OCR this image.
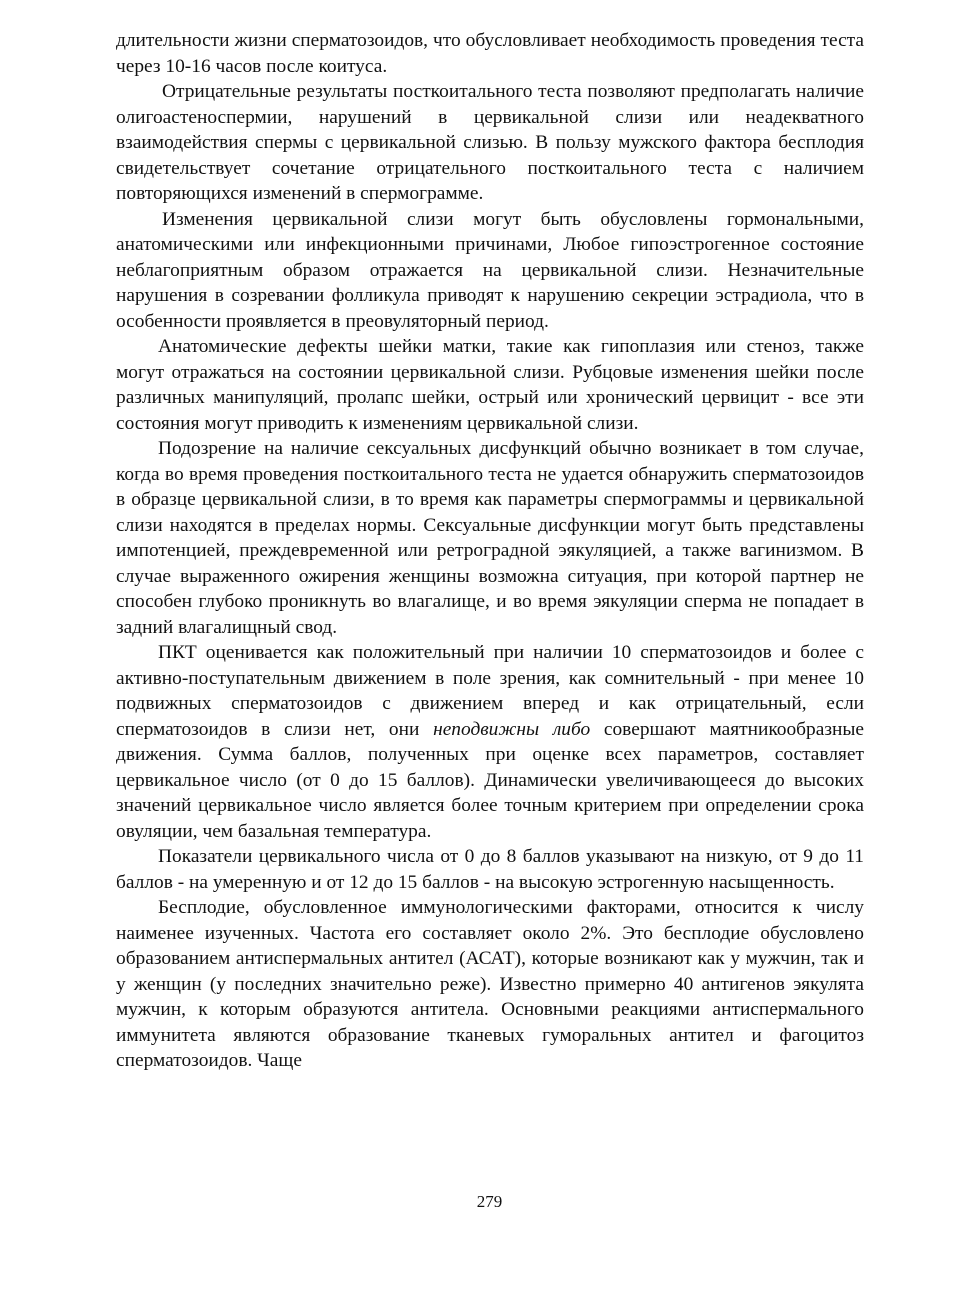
длительности жизни сперматозоидов, что обусловливает необходимость проведения теста через 10-16 часов после коитуса.

Отрицательные результаты посткоитального теста позволяют предполагать наличие олигоастеноспермии, нарушений в цервикальной слизи или неадекватного взаимодействия спермы с цервикальной слизью. В пользу мужского фактора бесплодия свидетельствует сочетание отрицательного посткоитального теста с наличием повторяющихся изменений в спермограмме.

Изменения цервикальной слизи могут быть обусловлены гормональными, анатомическими или инфекционными причинами, Любое гипоэстрогенное состояние неблагоприятным образом отражается на цервикальной слизи. Незначительные нарушения в созревании фолликула приводят к нарушению секреции эстрадиола, что в особенности проявляется в преовуляторный период.

Анатомические дефекты шейки матки, такие как гипоплазия или стеноз, также могут отражаться на состоянии цервикальной слизи. Рубцовые изменения шейки после различных манипуляций, пролапс шейки, острый или хронический цервицит - все эти состояния могут приводить к изменениям цервикальной слизи.

Подозрение на наличие сексуальных дисфункций обычно возникает в том случае, когда во время проведения посткоитального теста не удается обнаружить сперматозоидов в образце цервикальной слизи, в то время как параметры спермограммы и цервикальной слизи находятся в пределах нормы. Сексуальные дисфункции могут быть представлены импотенцией, преждевременной или ретроградной эякуляцией, а также вагинизмом. В случае выраженного ожирения женщины возможна ситуация, при которой партнер не способен глубоко проникнуть во влагалище, и во время эякуляции сперма не попадает в задний влагалищный свод.

ПКТ оценивается как положительный при наличии 10 сперматозоидов и более с активно-поступательным движением в поле зрения, как сомнительный - при менее 10 подвижных сперматозоидов с движением вперед и как отрицательный, если сперматозоидов в слизи нет, они неподвижны либо совершают маятникообразные движения. Сумма баллов, полученных при оценке всех параметров, составляет цервикальное число (от 0 до 15 баллов). Динамически увеличивающееся до высоких значений цервикальное число является более точным критерием при определении срока овуляции, чем базальная температура.

Показатели цервикального числа от 0 до 8 баллов указывают на низкую, от 9 до 11 баллов - на умеренную и от 12 до 15 баллов - на высокую эстрогенную насыщенность.

Бесплодие, обусловленное иммунологическими факторами, относится к числу наименее изученных. Частота его составляет около 2%. Это бесплодие обусловлено образованием антиспермальных антител (АСАТ), которые возникают как у мужчин, так и у женщин (у последних значительно реже). Известно примерно 40 антигенов эякулята мужчин, к которым образуются антитела. Основными реакциями антиспермального иммунитета являются образование тканевых гуморальных антител и фагоцитоз сперматозоидов. Чаще

279
